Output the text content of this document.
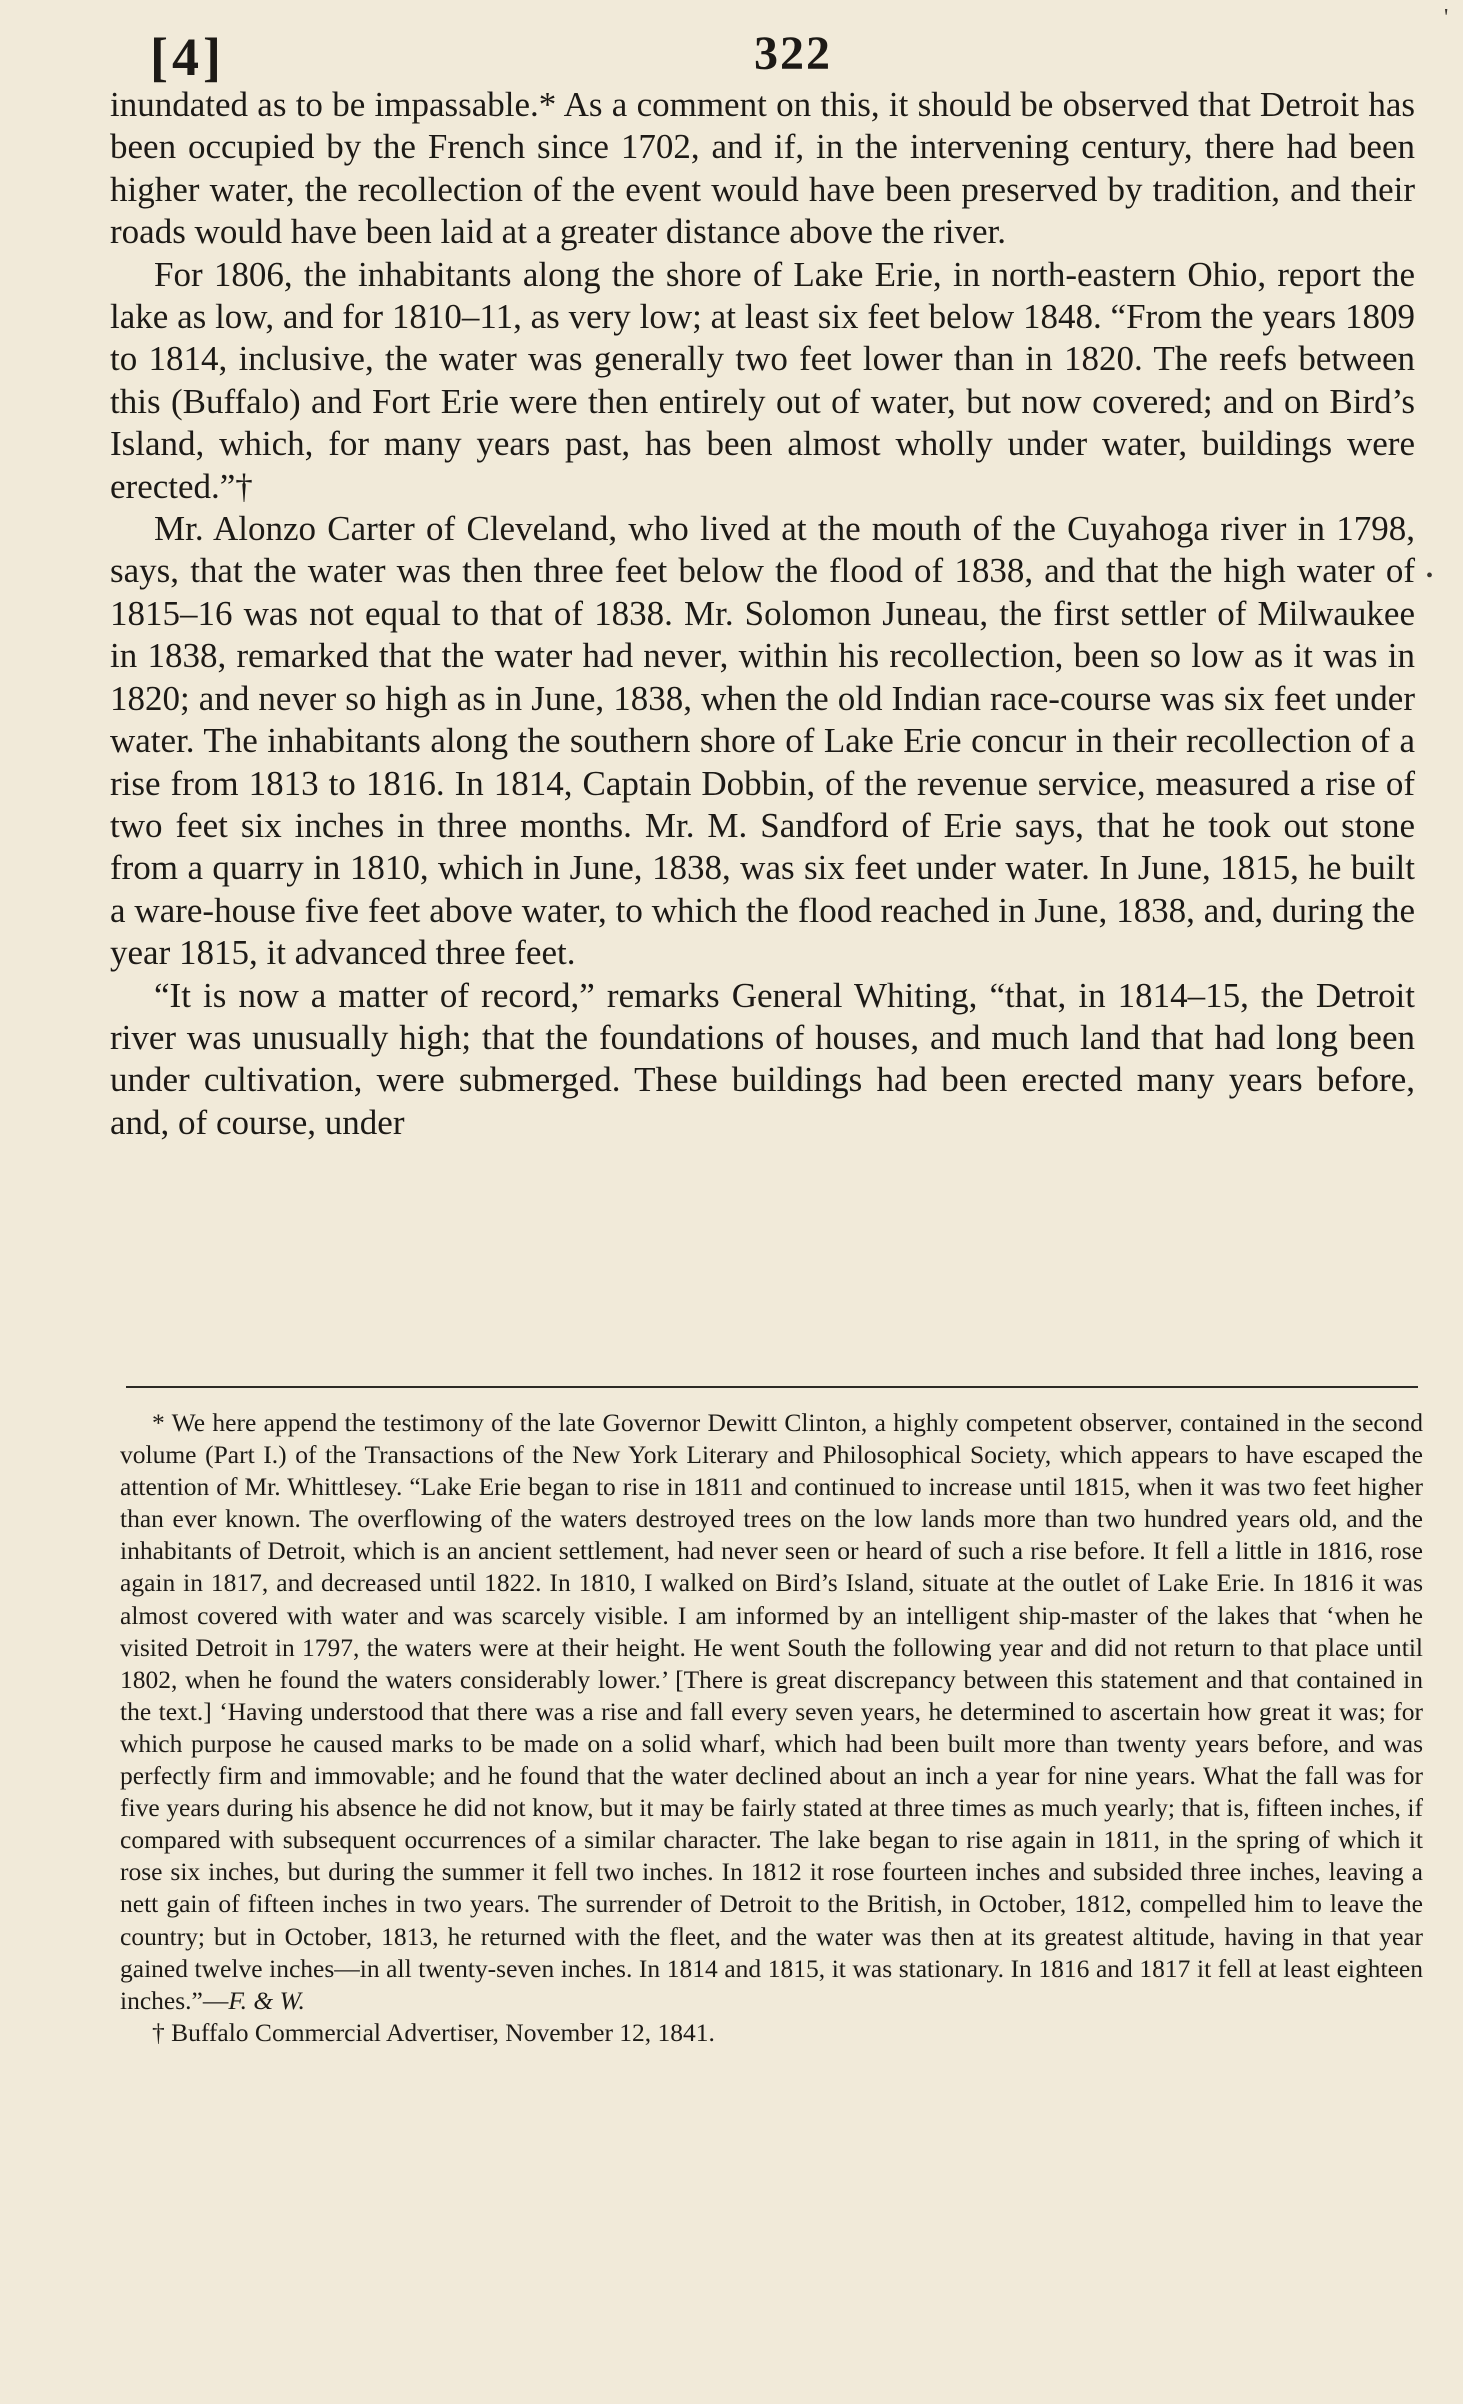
'
[4]	322

inundated as to be impassable.* As a comment on this, it should be observed that Detroit has been occupied by the French since 1702, and if, in the intervening century, there had been higher water, the recollection of the event would have been preserved by tradition, and their roads would have been laid at a greater distance above the river.

For 1806, the inhabitants along the shore of Lake Erie, in north-eastern Ohio, report the lake as low, and for 1810–11, as very low; at least six feet below 1848. “From the years 1809 to 1814, inclusive, the water was generally two feet lower than in 1820. The reefs between this (Buffalo) and Fort Erie were then entirely out of water, but now covered; and on Bird’s Island, which, for many years past, has been almost wholly under water, buildings were erected.”†

Mr. Alonzo Carter of Cleveland, who lived at the mouth of the Cuyahoga river in 1798, says, that the water was then three feet below the flood of 1838, and that the high water of 1815–16 was not equal to that of 1838. Mr. Solomon Juneau, the first settler of Milwaukee in 1838, remarked that the water had never, within his recollection, been so low as it was in 1820; and never so high as in June, 1838, when the old Indian race-course was six feet under water. The inhabitants along the southern shore of Lake Erie concur in their recollection of a rise from 1813 to 1816. In 1814, Captain Dobbin, of the revenue service, measured a rise of two feet six inches in three months. Mr. M. Sandford of Erie says, that he took out stone from a quarry in 1810, which in June, 1838, was six feet under water. In June, 1815, he built a ware-house five feet above water, to which the flood reached in June, 1838, and, during the year 1815, it advanced three feet.

“It is now a matter of record,” remarks General Whiting, “that, in 1814–15, the Detroit river was unusually high; that the foundations of houses, and much land that had long been under cultivation, were submerged. These buildings had been erected many years before, and, of course, under

•

* We here append the testimony of the late Governor Dewitt Clinton, a highly competent observer, contained in the second volume (Part I.) of the Transactions of the New York Literary and Philosophical Society, which appears to have escaped the attention of Mr. Whittlesey. “Lake Erie began to rise in 1811 and continued to increase until 1815, when it was two feet higher than ever known. The overflowing of the waters destroyed trees on the low lands more than two hundred years old, and the inhabitants of Detroit, which is an ancient settlement, had never seen or heard of such a rise before. It fell a little in 1816, rose again in 1817, and decreased until 1822. In 1810, I walked on Bird’s Island, situate at the outlet of Lake Erie. In 1816 it was almost covered with water and was scarcely visible. I am informed by an intelligent ship-master of the lakes that ‘when he visited Detroit in 1797, the waters were at their height. He went South the following year and did not return to that place until 1802, when he found the waters considerably lower.’ [There is great discrepancy between this statement and that contained in the text.] ‘Having understood that there was a rise and fall every seven years, he determined to ascertain how great it was; for which purpose he caused marks to be made on a solid wharf, which had been built more than twenty years before, and was perfectly firm and immovable; and he found that the water declined about an inch a year for nine years. What the fall was for five years during his absence he did not know, but it may be fairly stated at three times as much yearly; that is, fifteen inches, if compared with subsequent occurrences of a similar character. The lake began to rise again in 1811, in the spring of which it rose six inches, but during the summer it fell two inches. In 1812 it rose fourteen inches and subsided three inches, leaving a nett gain of fifteen inches in two years. The surrender of Detroit to the British, in October, 1812, compelled him to leave the country; but in October, 1813, he returned with the fleet, and the water was then at its greatest altitude, having in that year gained twelve inches—in all twenty-seven inches. In 1814 and 1815, it was stationary. In 1816 and 1817 it fell at least eighteen inches.”—F. & W.

† Buffalo Commercial Advertiser, November 12, 1841.
